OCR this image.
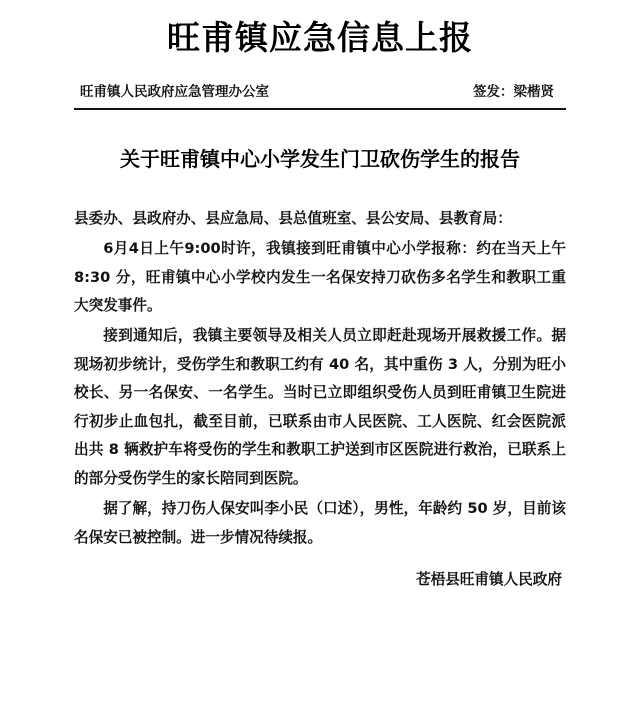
旺甫镇应急信息上报
旺甫镇人民政府应急管理办公室	签发：梁楷贤
关于旺甫镇中心小学发生门卫砍伤学生的报告

县委办、县政府办、县应急局、县总值班室、县公安局、县教育局：

6月4日上午9:00时许，我镇接到旺甫镇中心小学报称：约在当天上午 8:30 分，旺甫镇中心小学校内发生一名保安持刀砍伤多名学生和教职工重大突发事件。

接到通知后，我镇主要领导及相关人员立即赶赴现场开展救援工作。据现场初步统计，受伤学生和教职工约有 40 名，其中重伤 3 人，分别为旺小校长、另一名保安、一名学生。当时已立即组织受伤人员到旺甫镇卫生院进行初步止血包扎，截至目前，已联系由市人民医院、工人医院、红会医院派出共 8 辆救护车将受伤的学生和教职工护送到市区医院进行救治，已联系上的部分受伤学生的家长陪同到医院。

据了解，持刀伤人保安叫李小民（口述），男性，年龄约 50 岁，目前该名保安已被控制。进一步情况待续报。

苍梧县旺甫镇人民政府
